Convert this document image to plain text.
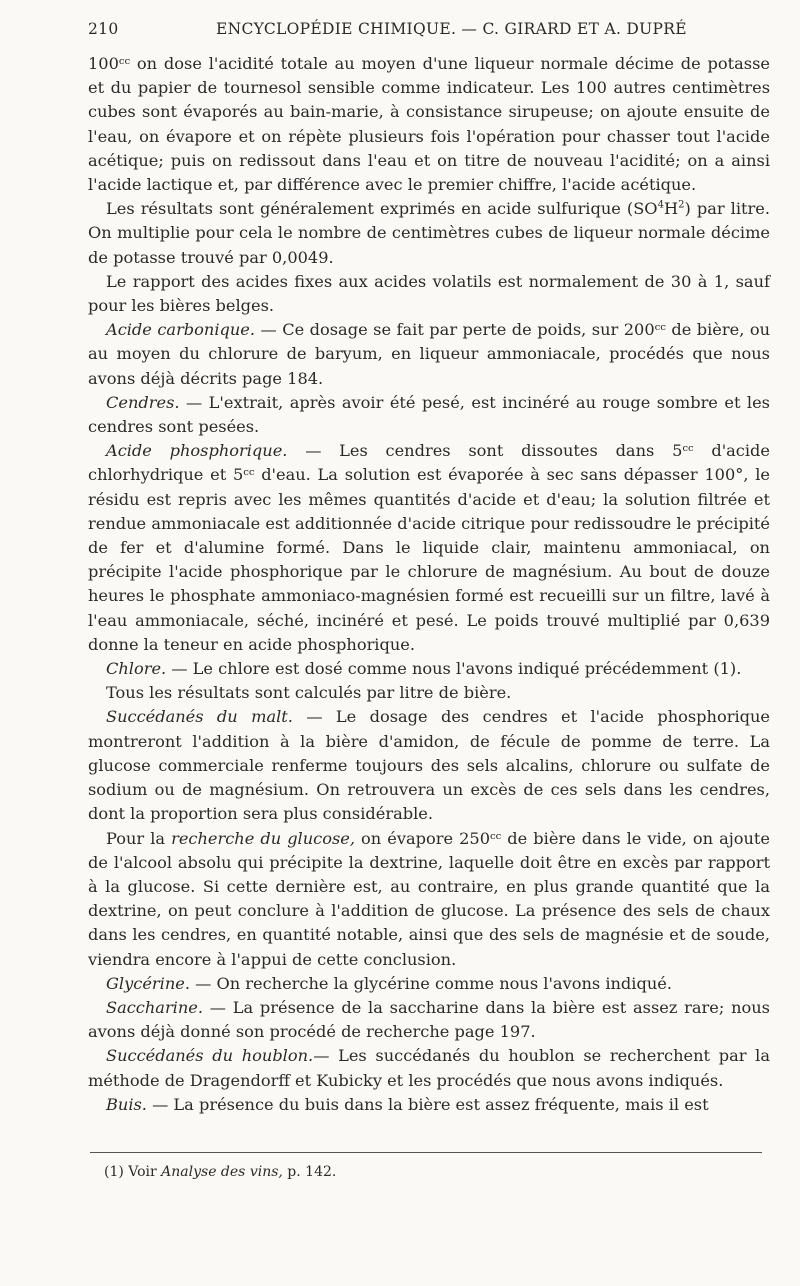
210	ENCYCLOPÉDIE CHIMIQUE. — C. GIRARD ET A. DUPRÉ

100ᶜᶜ on dose l'acidité totale au moyen d'une liqueur normale décime de potasse et du papier de tournesol sensible comme indicateur. Les 100 autres centimètres cubes sont évaporés au bain-marie, à consistance sirupeuse; on ajoute ensuite de l'eau, on évapore et on répète plusieurs fois l'opération pour chasser tout l'acide acétique; puis on redissout dans l'eau et on titre de nouveau l'acidité; on a ainsi l'acide lactique et, par différence avec le premier chiffre, l'acide acétique.

Les résultats sont généralement exprimés en acide sulfurique $(SO^4H^2)$ par litre. On multiplie pour cela le nombre de centimètres cubes de liqueur normale décime de potasse trouvé par 0,0049.

Le rapport des acides fixes aux acides volatils est normalement de 30 à 1, sauf pour les bières belges.

Acide carbonique. — Ce dosage se fait par perte de poids, sur 200ᶜᶜ de bière, ou au moyen du chlorure de baryum, en liqueur ammoniacale, procédés que nous avons déjà décrits page 184.

Cendres. — L'extrait, après avoir été pesé, est incinéré au rouge sombre et les cendres sont pesées.

Acide phosphorique. — Les cendres sont dissoutes dans 5ᶜᶜ d'acide chlorhydrique et 5ᶜᶜ d'eau. La solution est évaporée à sec sans dépasser 100°, le résidu est repris avec les mêmes quantités d'acide et d'eau; la solution filtrée et rendue ammoniacale est additionnée d'acide citrique pour redissoudre le précipité de fer et d'alumine formé. Dans le liquide clair, maintenu ammoniacal, on précipite l'acide phosphorique par le chlorure de magnésium. Au bout de douze heures le phosphate ammoniaco-magnésien formé est recueilli sur un filtre, lavé à l'eau ammoniacale, séché, incinéré et pesé. Le poids trouvé multiplié par 0,639 donne la teneur en acide phosphorique.

Chlore. — Le chlore est dosé comme nous l'avons indiqué précédemment (1).

Tous les résultats sont calculés par litre de bière.

Succédanés du malt. — Le dosage des cendres et l'acide phosphorique montreront l'addition à la bière d'amidon, de fécule de pomme de terre. La glucose commerciale renferme toujours des sels alcalins, chlorure ou sulfate de sodium ou de magnésium. On retrouvera un excès de ces sels dans les cendres, dont la proportion sera plus considérable.

Pour la recherche du glucose, on évapore 250ᶜᶜ de bière dans le vide, on ajoute de l'alcool absolu qui précipite la dextrine, laquelle doit être en excès par rapport à la glucose. Si cette dernière est, au contraire, en plus grande quantité que la dextrine, on peut conclure à l'addition de glucose. La présence des sels de chaux dans les cendres, en quantité notable, ainsi que des sels de magnésie et de soude, viendra encore à l'appui de cette conclusion.

Glycérine. — On recherche la glycérine comme nous l'avons indiqué.

Saccharine. — La présence de la saccharine dans la bière est assez rare; nous avons déjà donné son procédé de recherche page 197.

Succédanés du houblon.— Les succédanés du houblon se recherchent par la méthode de Dragendorff et Kubicky et les procédés que nous avons indiqués.

Buis. — La présence du buis dans la bière est assez fréquente, mais il est

(1) Voir Analyse des vins, p. 142.
